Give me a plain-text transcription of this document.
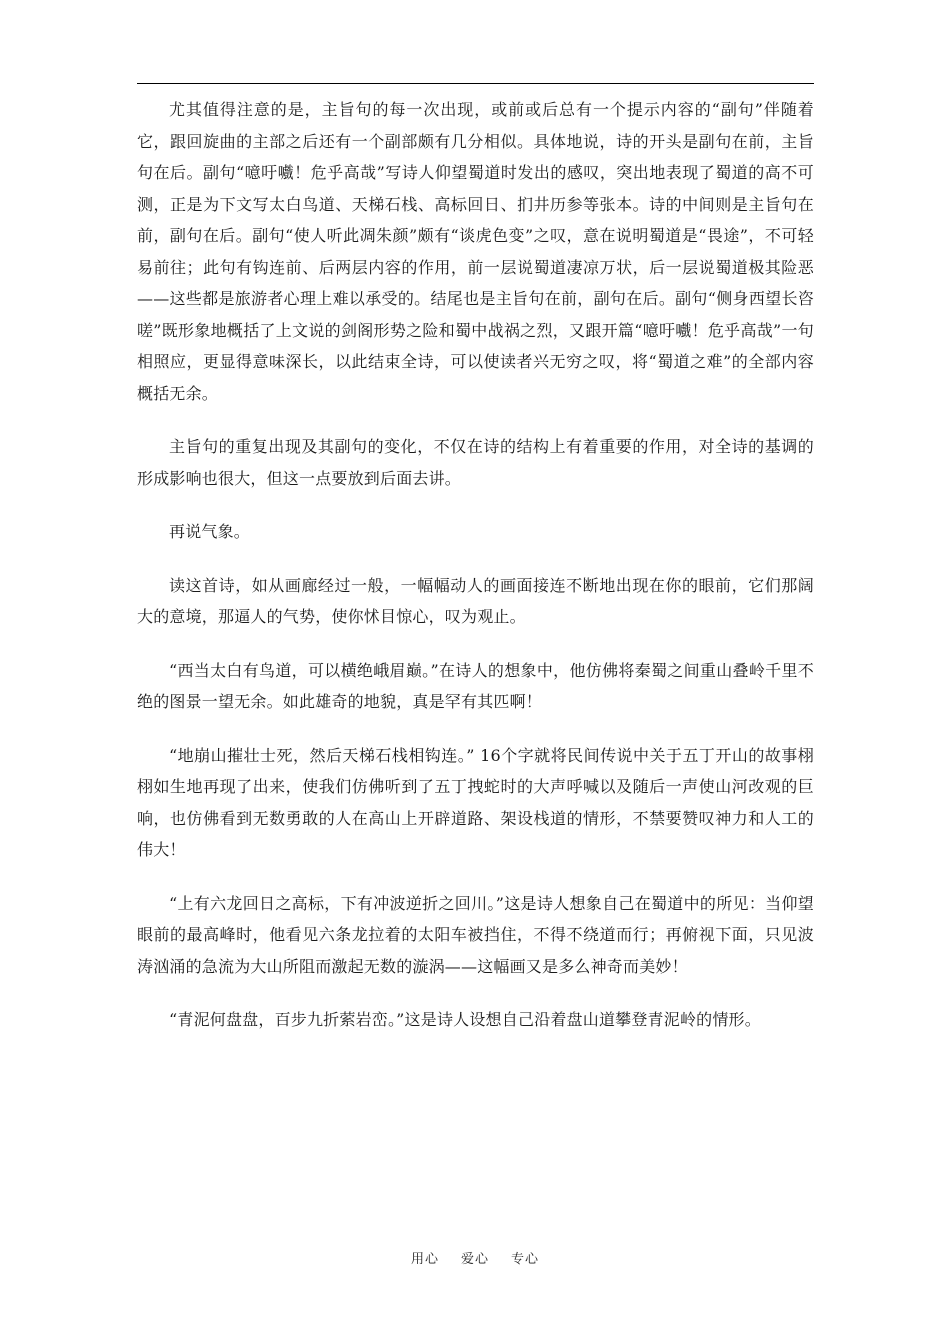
尤其值得注意的是，主旨句的每一次出现，或前或后总有一个提示内容的“副句”伴随着它，跟回旋曲的主部之后还有一个副部颇有几分相似。具体地说，诗的开头是副句在前，主旨句在后。副句“噫吁嚱！危乎高哉”写诗人仰望蜀道时发出的感叹，突出地表现了蜀道的高不可测，正是为下文写太白鸟道、天梯石栈、高标回日、扪井历参等张本。诗的中间则是主旨句在前，副句在后。副句“使人听此凋朱颜”颇有“谈虎色变”之叹，意在说明蜀道是“畏途”，不可轻易前往；此句有钩连前、后两层内容的作用，前一层说蜀道凄凉万状，后一层说蜀道极其险恶——这些都是旅游者心理上难以承受的。结尾也是主旨句在前，副句在后。副句“侧身西望长咨嗟”既形象地概括了上文说的剑阁形势之险和蜀中战祸之烈，又跟开篇“噫吁嚱！危乎高哉”一句相照应，更显得意味深长，以此结束全诗，可以使读者兴无穷之叹，将“蜀道之难”的全部内容概括无余。

主旨句的重复出现及其副句的变化，不仅在诗的结构上有着重要的作用，对全诗的基调的形成影响也很大，但这一点要放到后面去讲。

再说气象。

读这首诗，如从画廊经过一般，一幅幅动人的画面接连不断地出现在你的眼前，它们那阔大的意境，那逼人的气势，使你怵目惊心，叹为观止。

“西当太白有鸟道，可以横绝峨眉巅。”在诗人的想象中，他仿佛将秦蜀之间重山叠岭千里不绝的图景一望无余。如此雄奇的地貌，真是罕有其匹啊！

“地崩山摧壮士死，然后天梯石栈相钩连。” 16个字就将民间传说中关于五丁开山的故事栩栩如生地再现了出来，使我们仿佛听到了五丁拽蛇时的大声呼喊以及随后一声使山河改观的巨响，也仿佛看到无数勇敢的人在高山上开辟道路、架设栈道的情形，不禁要赞叹神力和人工的伟大！

“上有六龙回日之高标，下有冲波逆折之回川。”这是诗人想象自己在蜀道中的所见：当仰望眼前的最高峰时，他看见六条龙拉着的太阳车被挡住，不得不绕道而行；再俯视下面，只见波涛汹涌的急流为大山所阻而激起无数的漩涡——这幅画又是多么神奇而美妙！

“青泥何盘盘，百步九折萦岩峦。”这是诗人设想自己沿着盘山道攀登青泥岭的情形。

用心 爱心 专心
